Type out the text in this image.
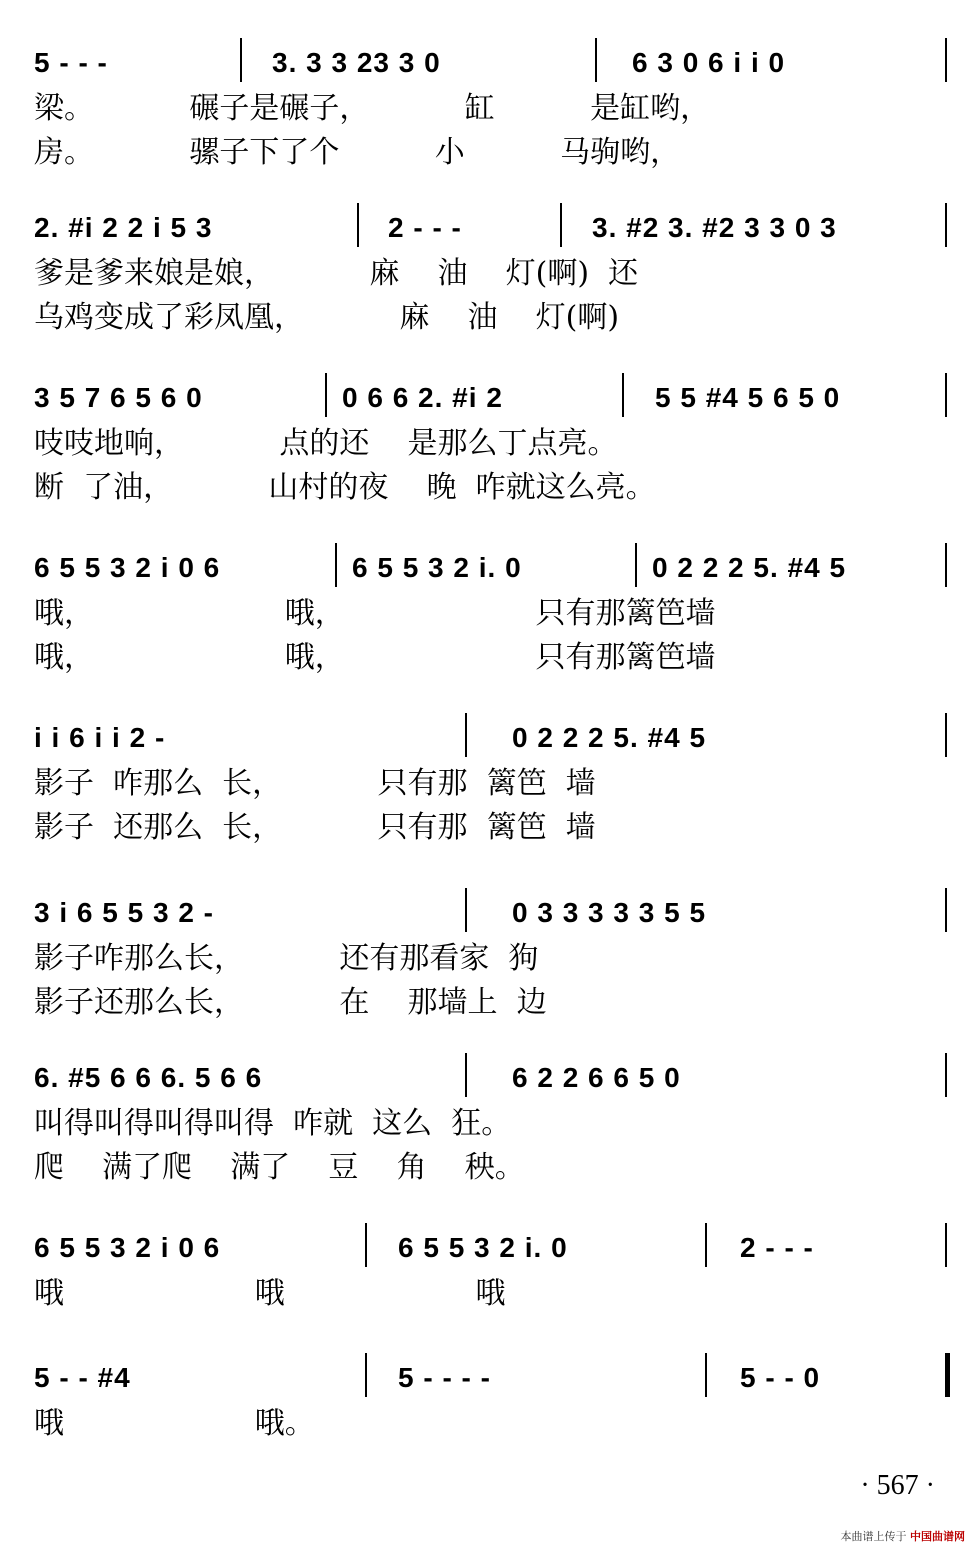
5 - - -	3. 3 3 23 3 0	6 3 0 6 i i 0
梁。          碾子是碾子，          缸          是缸哟，
房。          骡子下了个          小          马驹哟，
2. #i 2 2 i 5 3	2 - - -	3. #2 3. #2 3 3 0 3
爹是爹来娘是娘，          麻    油    灯(啊)  还
乌鸡变成了彩凤凰，          麻    油    灯(啊)
3 5 7 6 5 6 0	0 6 6 2. #i 2	5 5 #4 5 6 5 0
吱吱地响，          点的还    是那么丁点亮。
断  了油，          山村的夜    晚  咋就这么亮。
6 5 5 3 2 i 0 6	6 5 5 3 2 i. 0	0 2 2 2 5. #4 5
哦，                    哦，                    只有那篱笆墙
哦，                    哦，                    只有那篱笆墙
i i 6 i i 2 -	0 2 2 2 5. #4 5
影子  咋那么  长，          只有那  篱笆  墙
影子  还那么  长，          只有那  篱笆  墙
3 i 6 5 5 3 2 -	0 3 3 3 3 3 5 5
影子咋那么长，          还有那看家  狗
影子还那么长，          在    那墙上  边
6. #5 6 6 6. 5 6 6	6 2 2 6 6 5 0
叫得叫得叫得叫得  咋就  这么  狂。
爬    满了爬    满了    豆    角    秧。
6 5 5 3 2 i 0 6	6 5 5 3 2 i. 0	2 - - -
哦                    哦                    哦
5 - - #4	5 - - - -	5 - - 0
哦                    哦。
· 567 ·
本曲谱上传于 中国曲谱网
